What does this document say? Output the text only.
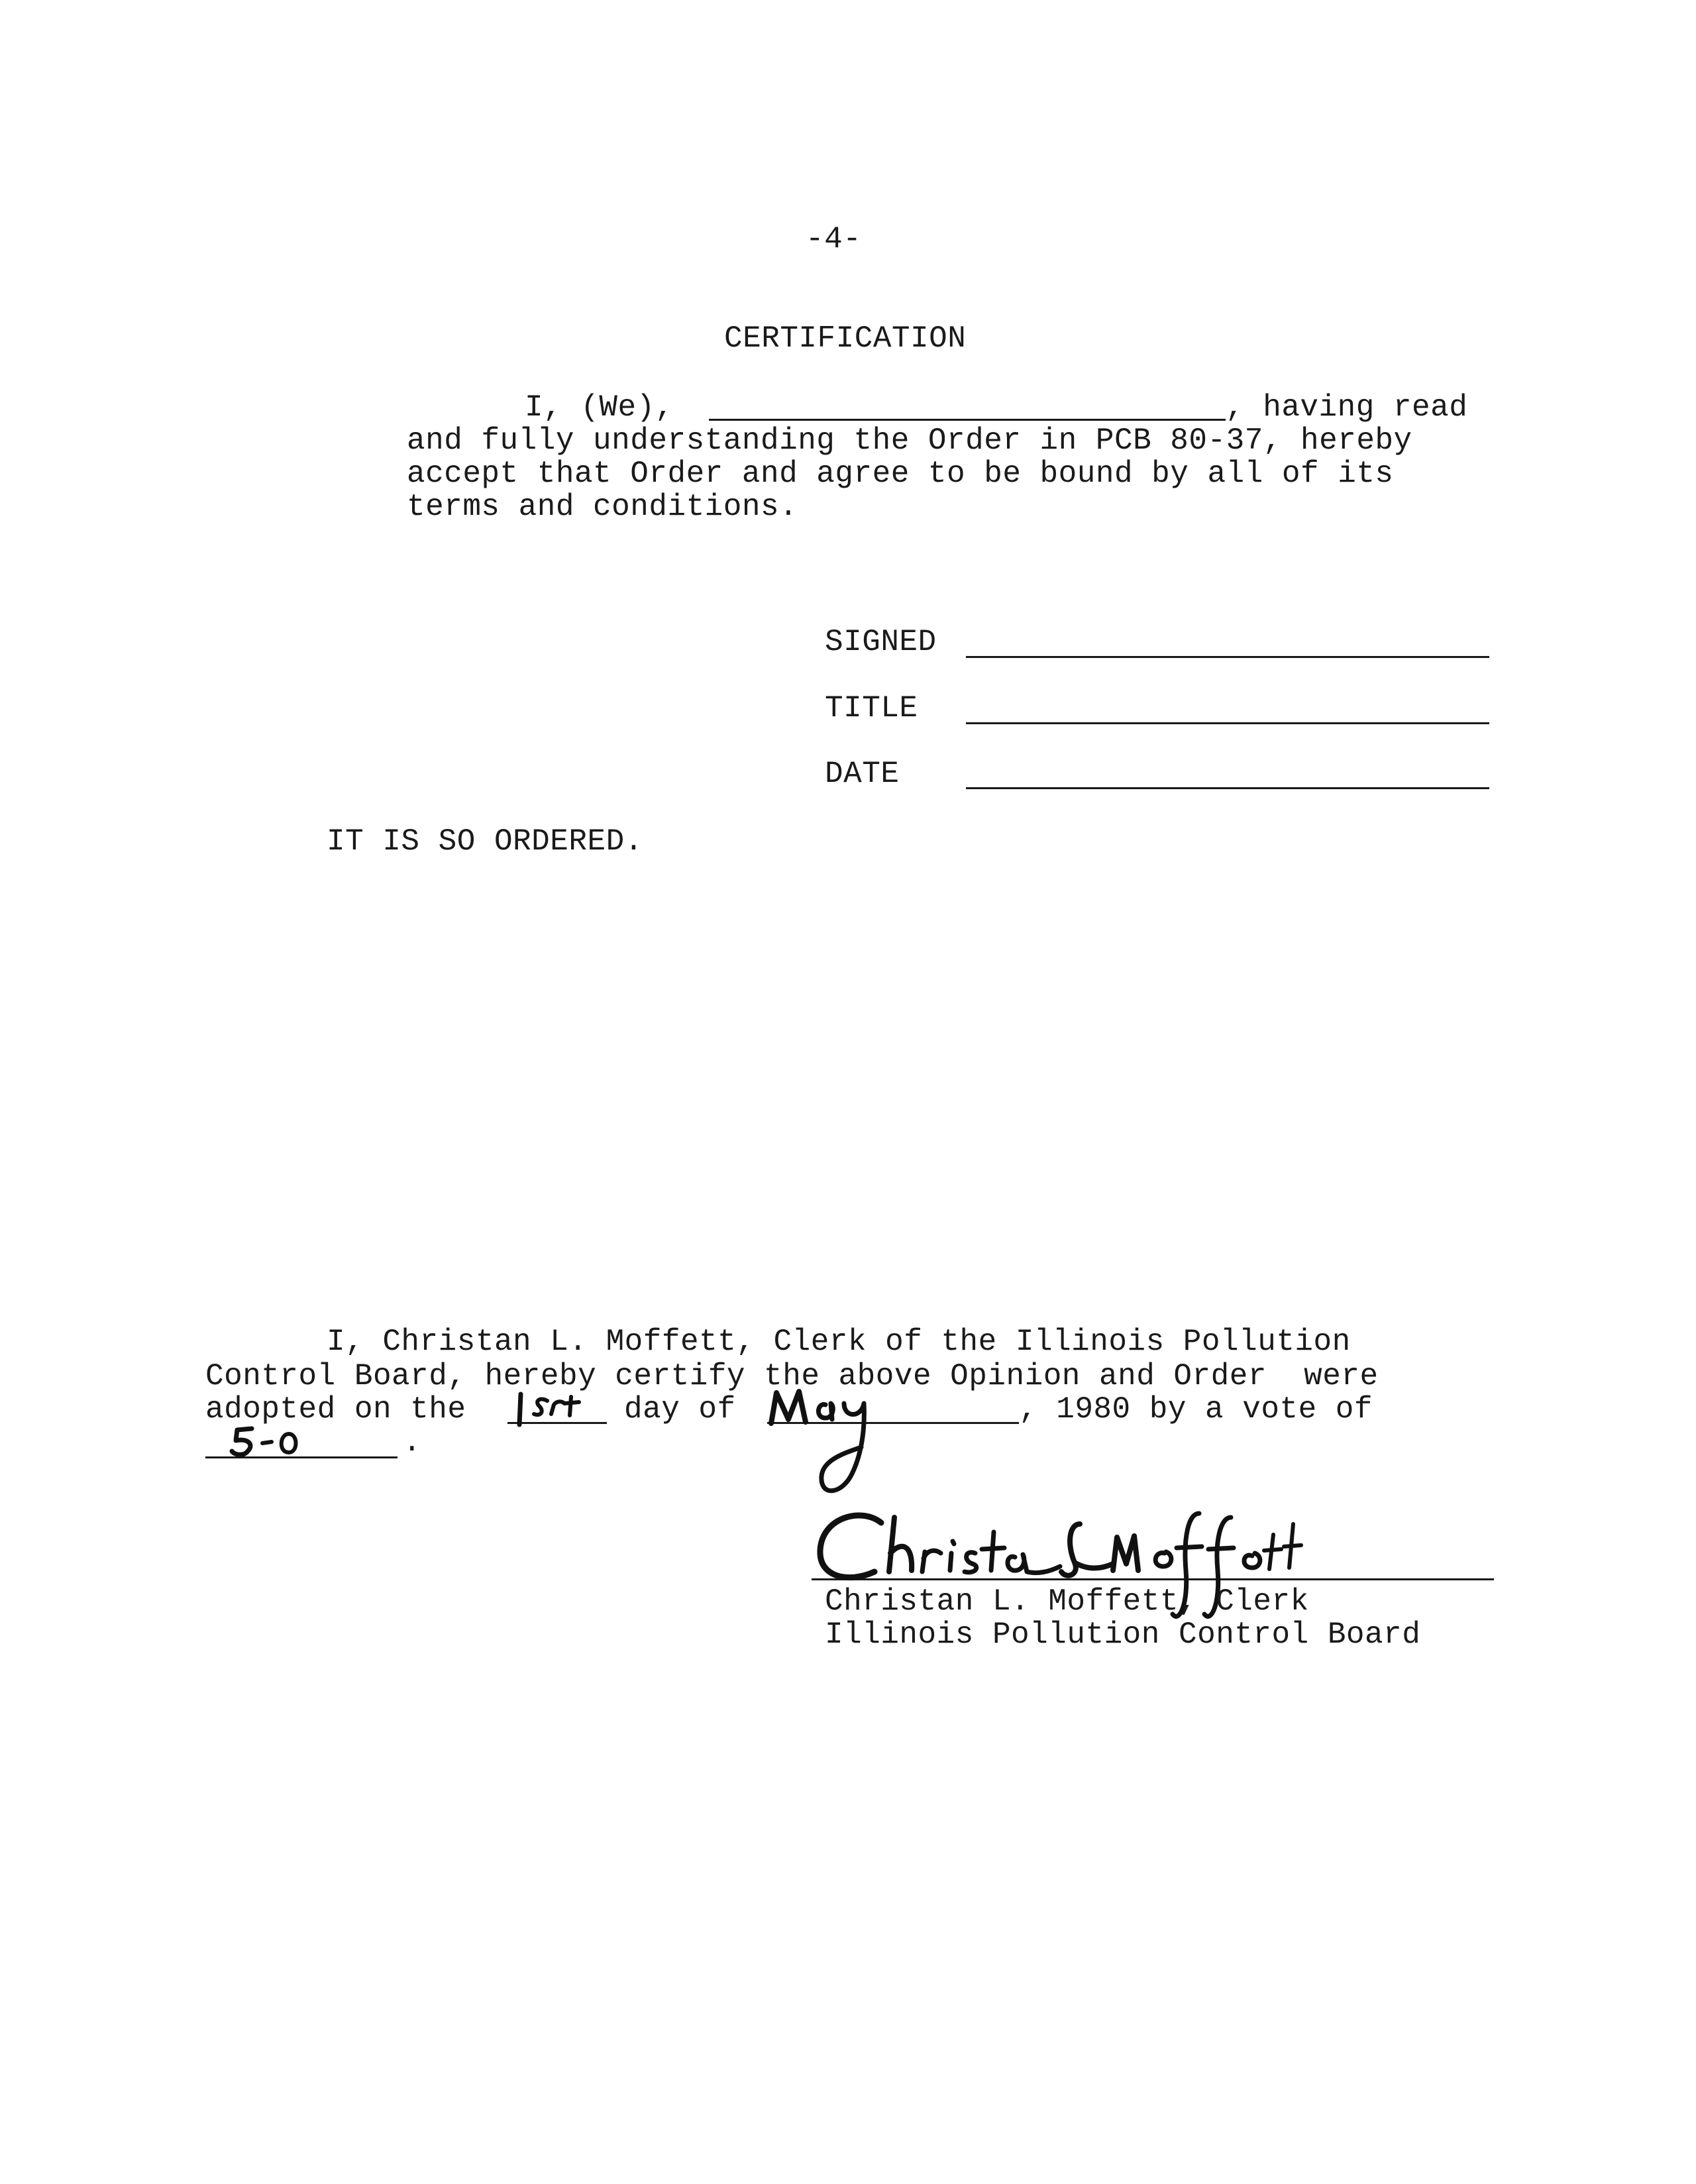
-4-
CERTIFICATION
I, (We),	, having read
and fully understanding the Order in PCB 80-37, hereby
accept that Order and agree to be bound by all of its
terms and conditions.
SIGNED
TITLE
DATE
IT IS SO ORDERED.
I, Christan L. Moffett, Clerk of the Illinois Pollution
Control Board, hereby certify the above Opinion and Order  were
adopted on the	day of	, 1980 by a vote of
.
Christan L. Moffett, Clerk
Illinois Pollution Control Board
